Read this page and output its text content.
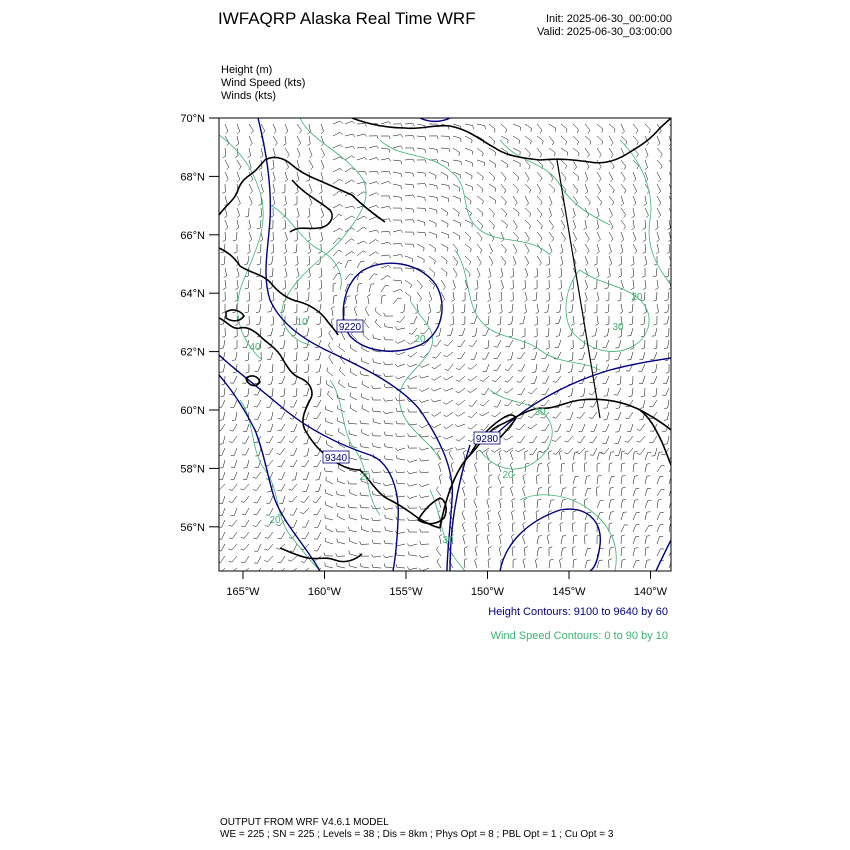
IWFAQRP Alaska Real Time WRF	Init: 2025-06-30_00:00:00
Valid: 2025-06-30_03:00:00
Height (m)
Wind Speed (kts)
Winds (kts)
9220
9280
9340
10
20
30
40
20
30
20
20
30
20
70°N
68°N
66°N
64°N
62°N
60°N
58°N
56°N
165°W	160°W	155°W	150°W	145°W	140°W
Height Contours: 9100 to 9640 by 60
Wind Speed Contours: 0 to 90 by 10
OUTPUT FROM WRF V4.6.1 MODEL
WE = 225 ; SN = 225 ; Levels = 38 ; Dis = 8km ; Phys Opt = 8 ; PBL Opt = 1 ; Cu Opt = 3
